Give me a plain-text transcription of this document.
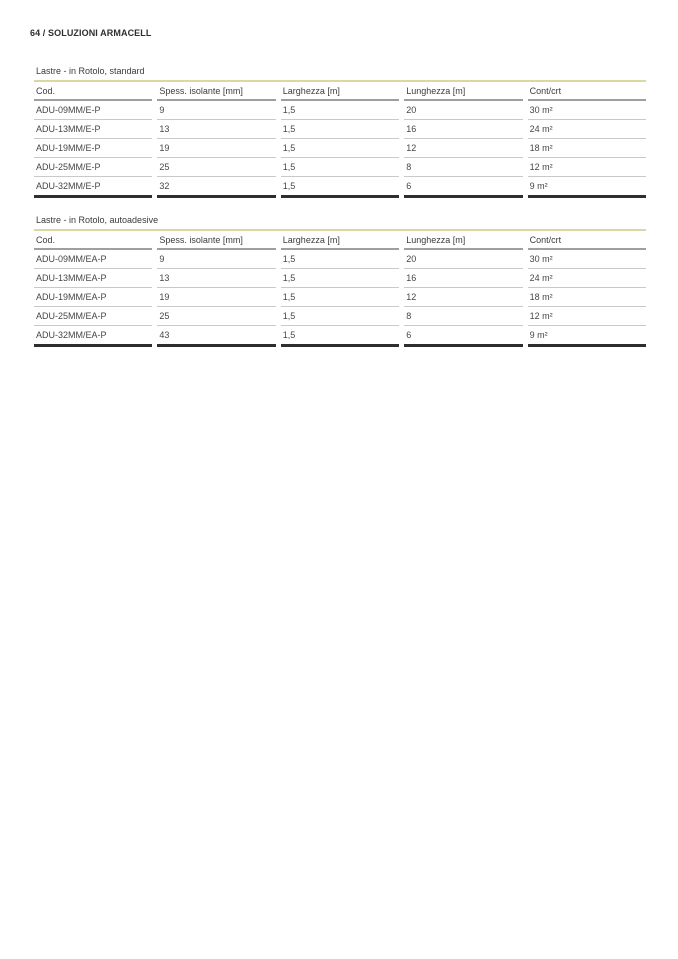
64 / SOLUZIONI ARMACELL
Lastre - in Rotolo, standard
Cod.	Spess. isolante [mm]	Larghezza [m]	Lunghezza [m]	Cont/crt
ADU-09MM/E-P	9	1,5	20	30 m²
ADU-13MM/E-P	13	1,5	16	24 m²
ADU-19MM/E-P	19	1,5	12	18 m²
ADU-25MM/E-P	25	1,5	8	12 m²
ADU-32MM/E-P	32	1,5	6	9 m²
Lastre - in Rotolo, autoadesive
Cod.	Spess. isolante [mm]	Larghezza [m]	Lunghezza [m]	Cont/crt
ADU-09MM/EA-P	9	1,5	20	30 m²
ADU-13MM/EA-P	13	1,5	16	24 m²
ADU-19MM/EA-P	19	1,5	12	18 m²
ADU-25MM/EA-P	25	1,5	8	12 m²
ADU-32MM/EA-P	43	1,5	6	9 m²
